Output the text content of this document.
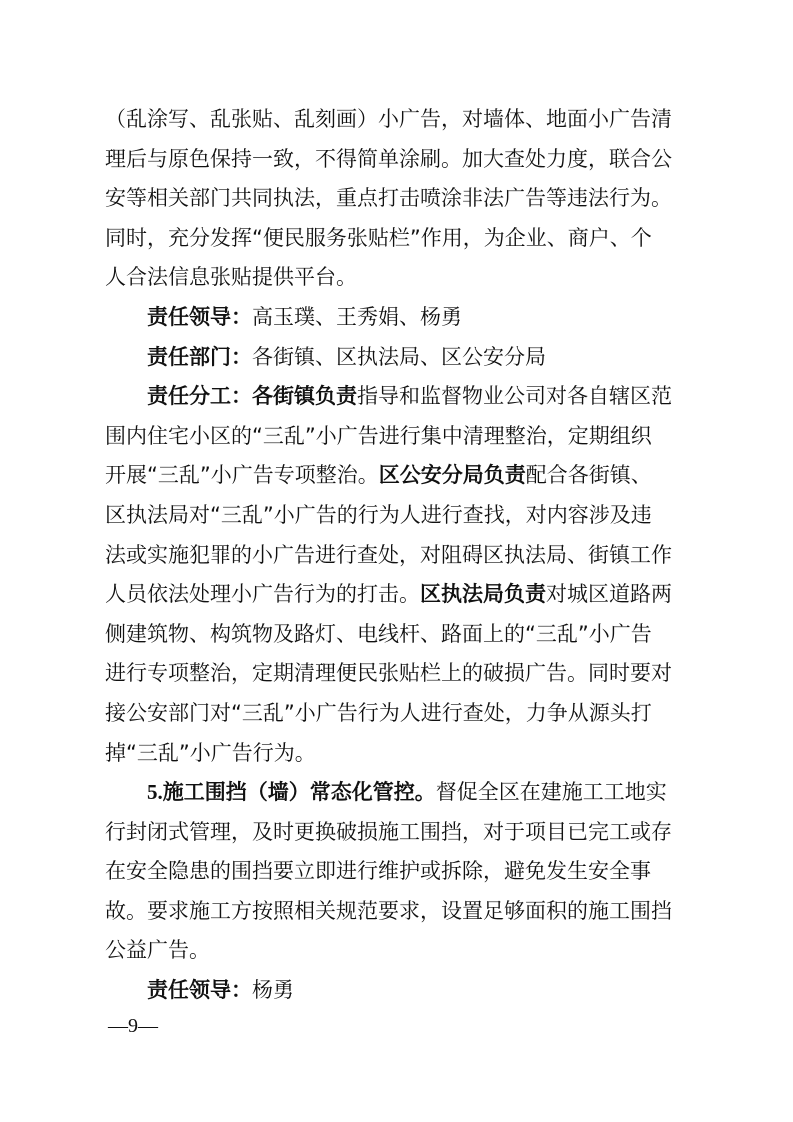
（乱涂写、乱张贴、乱刻画）小广告，对墙体、地面小广告清
理后与原色保持一致，不得简单涂刷。加大查处力度，联合公
安等相关部门共同执法，重点打击喷涂非法广告等违法行为。
同时，充分发挥“便民服务张贴栏”作用，为企业、商户、个
人合法信息张贴提供平台。
责任领导：高玉璞、王秀娟、杨勇
责任部门：各街镇、区执法局、区公安分局
责任分工：各街镇负责指导和监督物业公司对各自辖区范
围内住宅小区的“三乱”小广告进行集中清理整治，定期组织
开展“三乱”小广告专项整治。区公安分局负责配合各街镇、
区执法局对“三乱”小广告的行为人进行查找，对内容涉及违
法或实施犯罪的小广告进行查处，对阻碍区执法局、街镇工作
人员依法处理小广告行为的打击。区执法局负责对城区道路两
侧建筑物、构筑物及路灯、电线杆、路面上的“三乱”小广告
进行专项整治，定期清理便民张贴栏上的破损广告。同时要对
接公安部门对“三乱”小广告行为人进行查处，力争从源头打
掉“三乱”小广告行为。
5.施工围挡（墙）常态化管控。督促全区在建施工工地实
行封闭式管理，及时更换破损施工围挡，对于项目已完工或存
在安全隐患的围挡要立即进行维护或拆除，避免发生安全事
故。要求施工方按照相关规范要求，设置足够面积的施工围挡
公益广告。
责任领导：杨勇
—9—
